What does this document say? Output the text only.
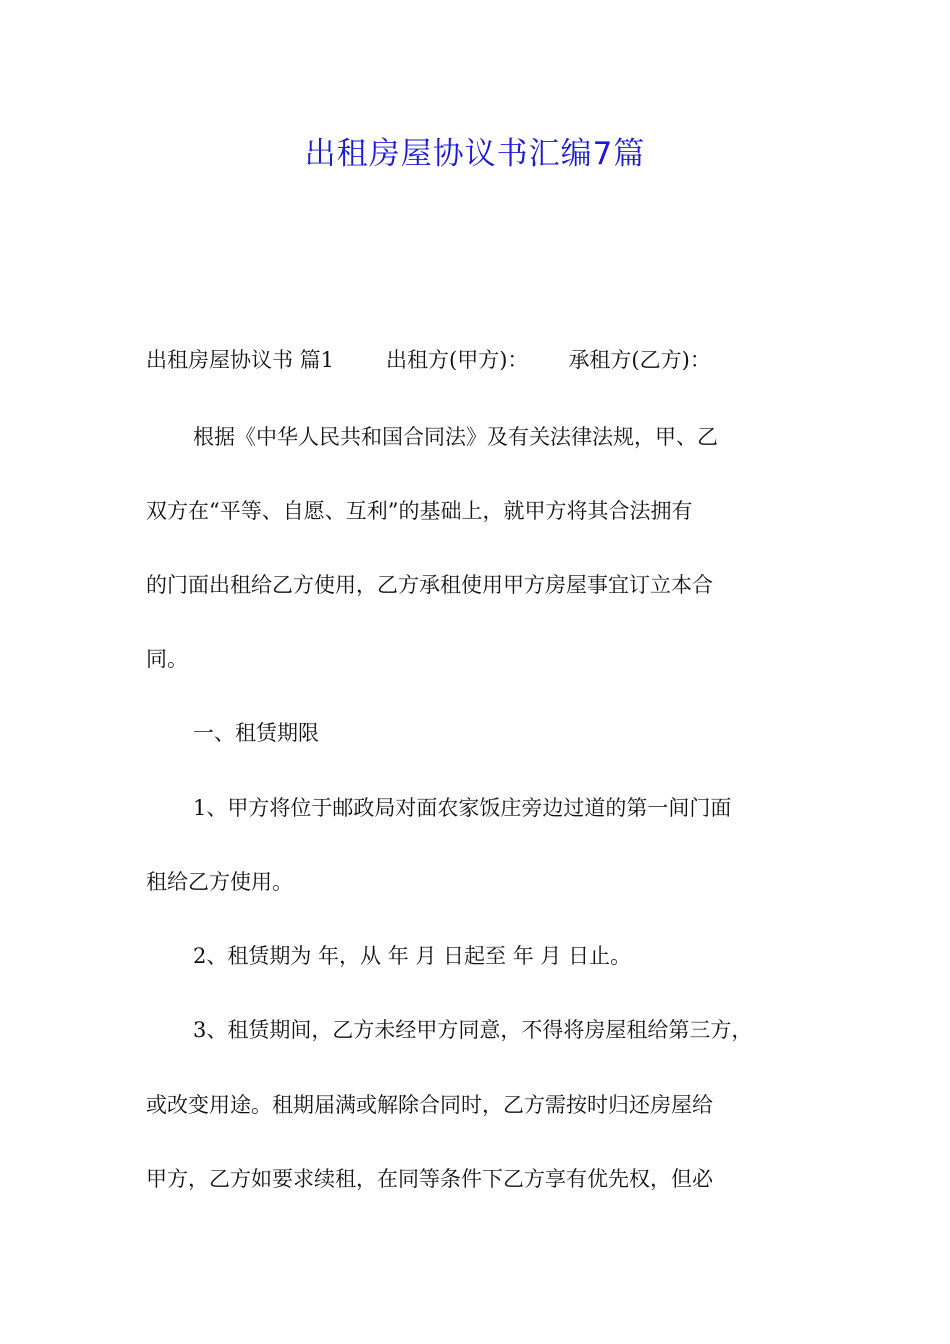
出租房屋协议书汇编7篇
出租房屋协议书 篇1 出租方(甲方)： 承租方(乙方)：
根据《中华人民共和国合同法》及有关法律法规，甲、乙
双方在“平等、自愿、互利”的基础上，就甲方将其合法拥有
的门面出租给乙方使用，乙方承租使用甲方房屋事宜订立本合
同。
一、租赁期限
1、甲方将位于邮政局对面农家饭庄旁边过道的第一间门面
租给乙方使用。
2、租赁期为 年，从 年 月 日起至 年 月 日止。
3、租赁期间，乙方未经甲方同意，不得将房屋租给第三方，
或改变用途。租期届满或解除合同时，乙方需按时归还房屋给
甲方，乙方如要求续租，在同等条件下乙方享有优先权，但必
